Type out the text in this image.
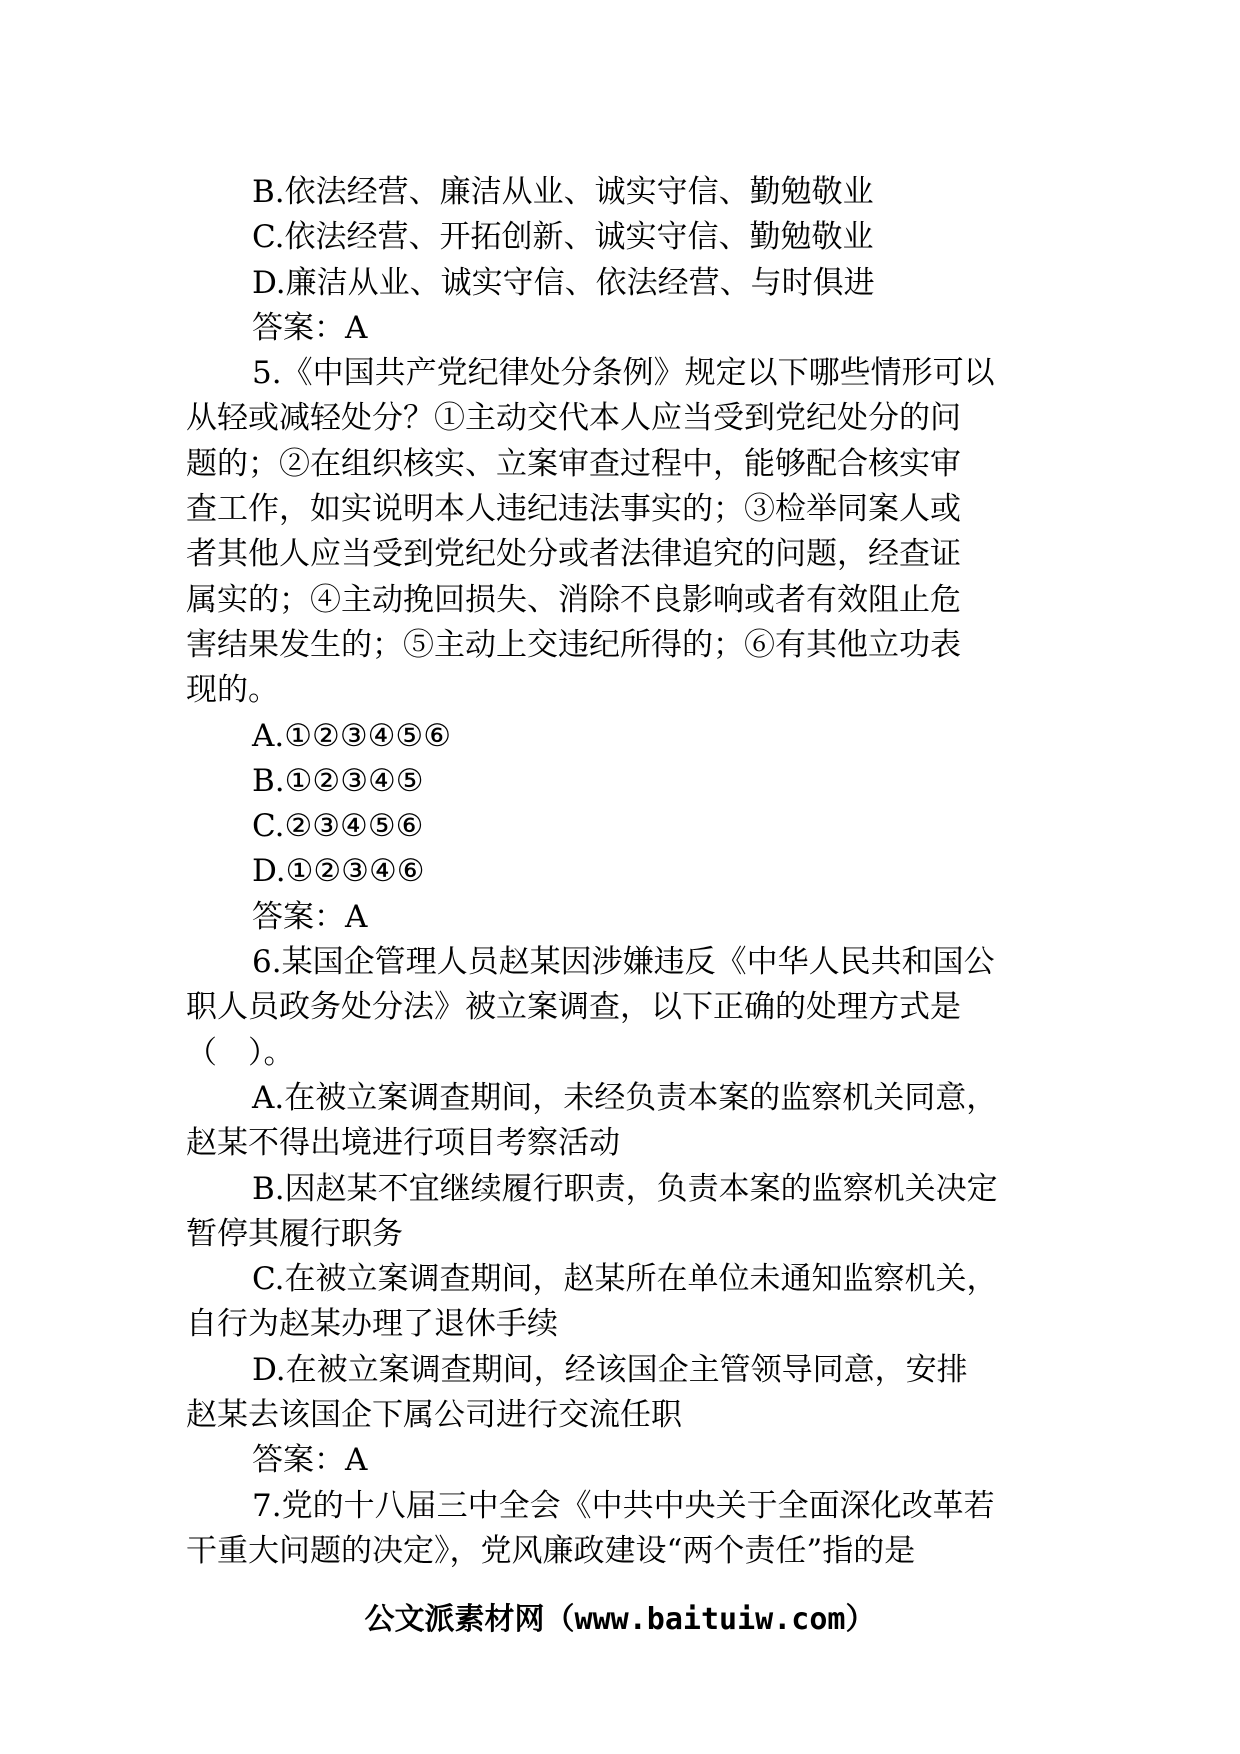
B.依法经营、廉洁从业、诚实守信、勤勉敬业
C.依法经营、开拓创新、诚实守信、勤勉敬业
D.廉洁从业、诚实守信、依法经营、与时俱进
答案：A
5.《中国共产党纪律处分条例》规定以下哪些情形可以
从轻或减轻处分？①主动交代本人应当受到党纪处分的问
题的；②在组织核实、立案审查过程中，能够配合核实审
查工作，如实说明本人违纪违法事实的；③检举同案人或
者其他人应当受到党纪处分或者法律追究的问题，经查证
属实的；④主动挽回损失、消除不良影响或者有效阻止危
害结果发生的；⑤主动上交违纪所得的；⑥有其他立功表
现的。
A.①②③④⑤⑥
B.①②③④⑤
C.②③④⑤⑥
D.①②③④⑥
答案：A
6.某国企管理人员赵某因涉嫌违反《中华人民共和国公
职人员政务处分法》被立案调查，以下正确的处理方式是
（　）。
A.在被立案调查期间，未经负责本案的监察机关同意，
赵某不得出境进行项目考察活动
B.因赵某不宜继续履行职责，负责本案的监察机关决定
暂停其履行职务
C.在被立案调查期间，赵某所在单位未通知监察机关，
自行为赵某办理了退休手续
D.在被立案调查期间，经该国企主管领导同意，安排
赵某去该国企下属公司进行交流任职
答案：A
7.党的十八届三中全会《中共中央关于全面深化改革若
干重大问题的决定》，党风廉政建设“两个责任”指的是
公文派素材网（www.baituiw.com）
